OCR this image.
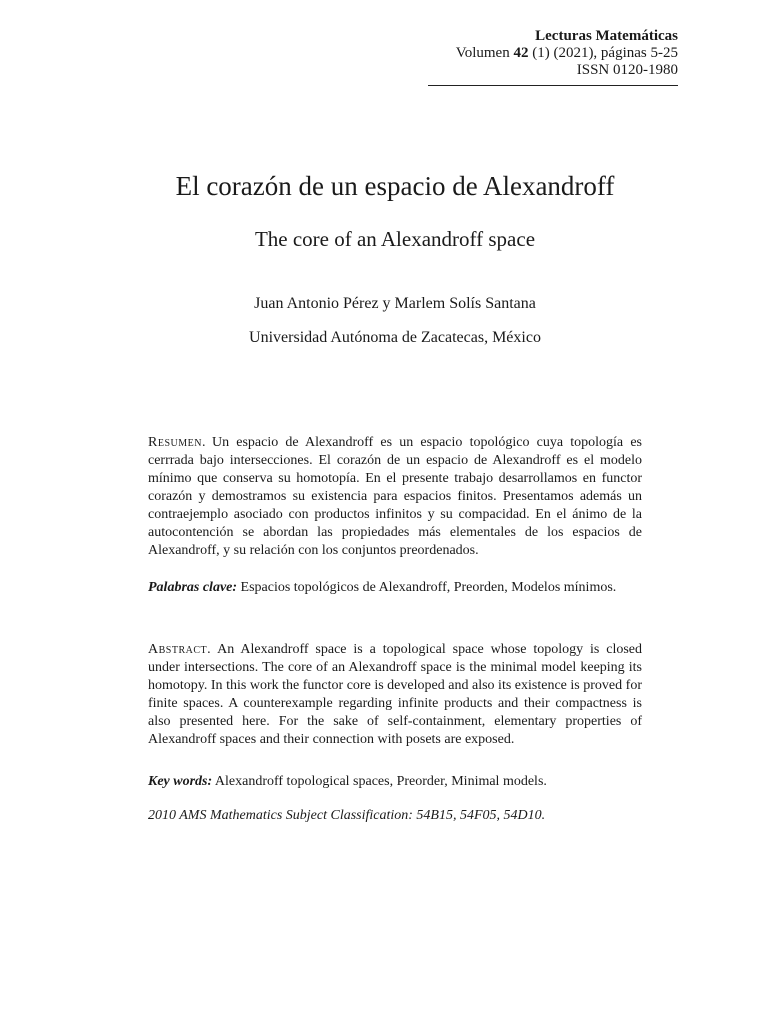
Lecturas Matemáticas
Volumen 42 (1) (2021), páginas 5-25
ISSN 0120-1980
El corazón de un espacio de Alexandroff
The core of an Alexandroff space
Juan Antonio Pérez y Marlem Solís Santana
Universidad Autónoma de Zacatecas, México

Resumen. Un espacio de Alexandroff es un espacio topológico cuya topología es cerrrada bajo intersecciones. El corazón de un espacio de Alexandroff es el modelo mínimo que conserva su homotopía. En el presente trabajo desarrollamos en functor corazón y demostramos su existencia para espacios finitos. Presentamos además un contraejemplo asociado con productos infinitos y su compacidad. En el ánimo de la autocontención se abordan las propiedades más elementales de los espacios de Alexandroff, y su relación con los conjuntos preordenados.

Palabras clave: Espacios topológicos de Alexandroff, Preorden, Modelos mínimos.

Abstract. An Alexandroff space is a topological space whose topology is closed under intersections. The core of an Alexandroff space is the minimal model keeping its homotopy. In this work the functor core is developed and also its existence is proved for finite spaces. A counterexample regarding infinite products and their compactness is also presented here. For the sake of self-containment, elementary properties of Alexandroff spaces and their connection with posets are exposed.

Key words: Alexandroff topological spaces, Preorder, Minimal models.

2010 AMS Mathematics Subject Classification: 54B15, 54F05, 54D10.
